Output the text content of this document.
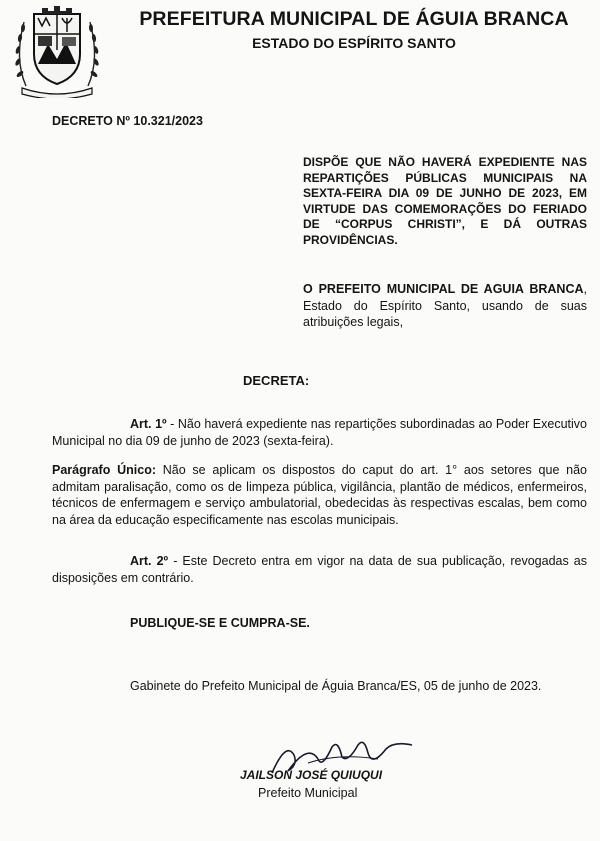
PREFEITURA MUNICIPAL DE ÁGUIA BRANCA
ESTADO DO ESPÍRITO SANTO
DECRETO Nº 10.321/2023
DISPÕE QUE NÃO HAVERÁ EXPEDIENTE NAS REPARTIÇÕES PÚBLICAS MUNICIPAIS NA SEXTA-FEIRA DIA 09 DE JUNHO DE 2023, EM VIRTUDE DAS COMEMORAÇÕES DO FERIADO DE “CORPUS CHRISTI”, E DÁ OUTRAS PROVIDÊNCIAS.
O PREFEITO MUNICIPAL DE AGUIA BRANCA, Estado do Espírito Santo, usando de suas atribuições legais,
DECRETA:
Art. 1º - Não haverá expediente nas repartições subordinadas ao Poder Executivo Municipal no dia 09 de junho de 2023 (sexta-feira).
Parágrafo Único: Não se aplicam os dispostos do caput do art. 1° aos setores que não admitam paralisação, como os de limpeza pública, vigilância, plantão de médicos, enfermeiros, técnicos de enfermagem e serviço ambulatorial, obedecidas às respectivas escalas, bem como na área da educação especificamente nas escolas municipais.
Art. 2º - Este Decreto entra em vigor na data de sua publicação, revogadas as disposições em contrário.
PUBLIQUE-SE E CUMPRA-SE.
Gabinete do Prefeito Municipal de Águia Branca/ES, 05 de junho de 2023.
JAILSON JOSÉ QUIUQUI
Prefeito Municipal
